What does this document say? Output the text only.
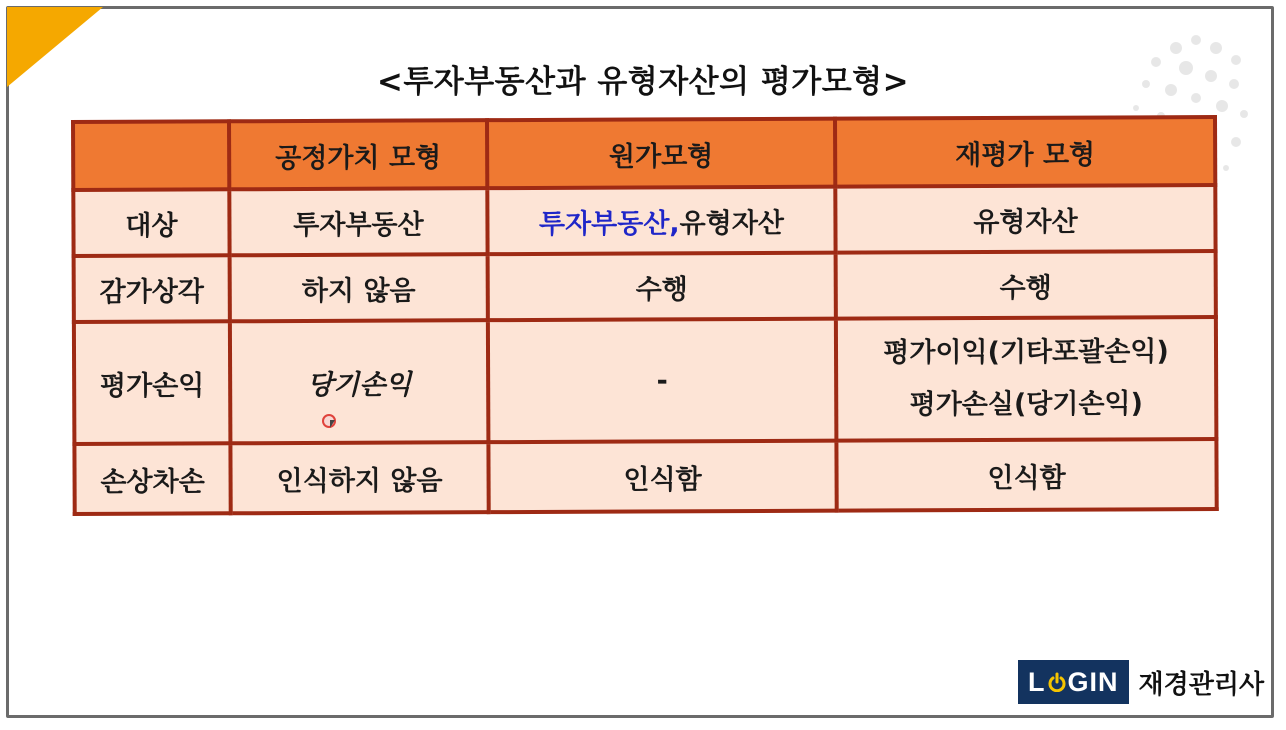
<투자부동산과 유형자산의 평가모형>
	공정가치 모형	원가모형	재평가 모형
대상	투자부동산	투자부동산,유형자산	유형자산
감가상각	하지 않음	수행	수행
평가손익	당기손익	-	평가이익(기타포괄손익)
평가손실(당기손익)

손상차손	인식하지 않음	인식함	인식함
L GIN 재경관리사
